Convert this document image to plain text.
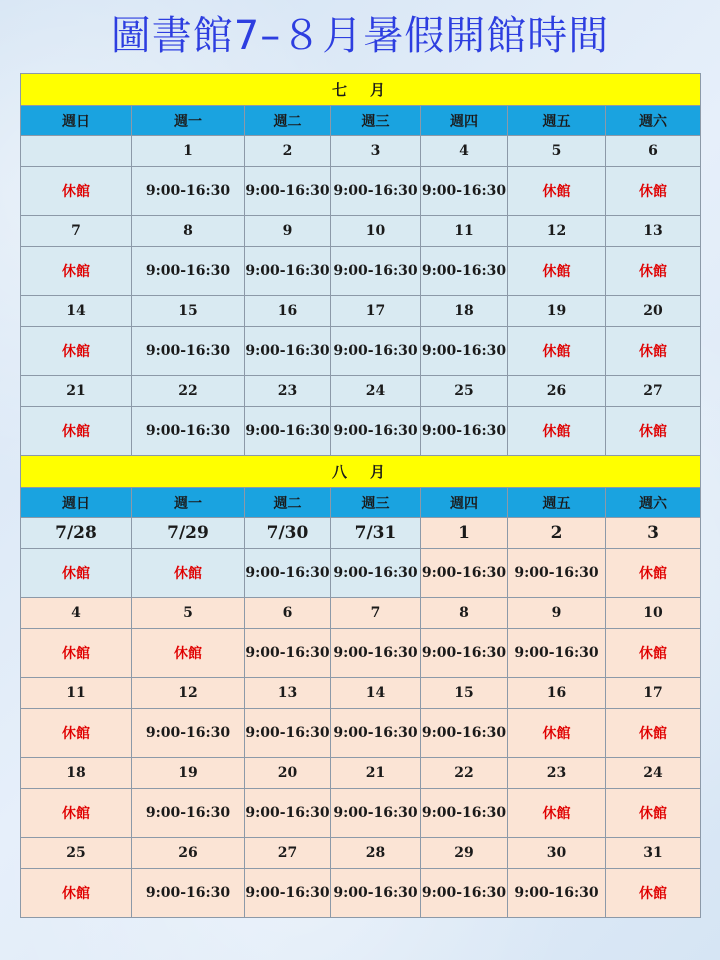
圖書館7–８月暑假開館時間
七　月						
週日	週一	週二	週三	週四	週五	週六
	1	2	3	4	5	6
休館	9:00-16:30	9:00-16:30	9:00-16:30	9:00-16:30	休館	休館
7	8	9	10	11	12	13
休館	9:00-16:30	9:00-16:30	9:00-16:30	9:00-16:30	休館	休館
14	15	16	17	18	19	20
休館	9:00-16:30	9:00-16:30	9:00-16:30	9:00-16:30	休館	休館
21	22	23	24	25	26	27
休館	9:00-16:30	9:00-16:30	9:00-16:30	9:00-16:30	休館	休館
八　月						
週日	週一	週二	週三	週四	週五	週六
7/28	7/29	7/30	7/31	1	2	3
休館	休館	9:00-16:30	9:00-16:30	9:00-16:30	9:00-16:30	休館
4	5	6	7	8	9	10
休館	休館	9:00-16:30	9:00-16:30	9:00-16:30	9:00-16:30	休館
11	12	13	14	15	16	17
休館	9:00-16:30	9:00-16:30	9:00-16:30	9:00-16:30	休館	休館
18	19	20	21	22	23	24
休館	9:00-16:30	9:00-16:30	9:00-16:30	9:00-16:30	休館	休館
25	26	27	28	29	30	31
休館	9:00-16:30	9:00-16:30	9:00-16:30	9:00-16:30	9:00-16:30	休館
